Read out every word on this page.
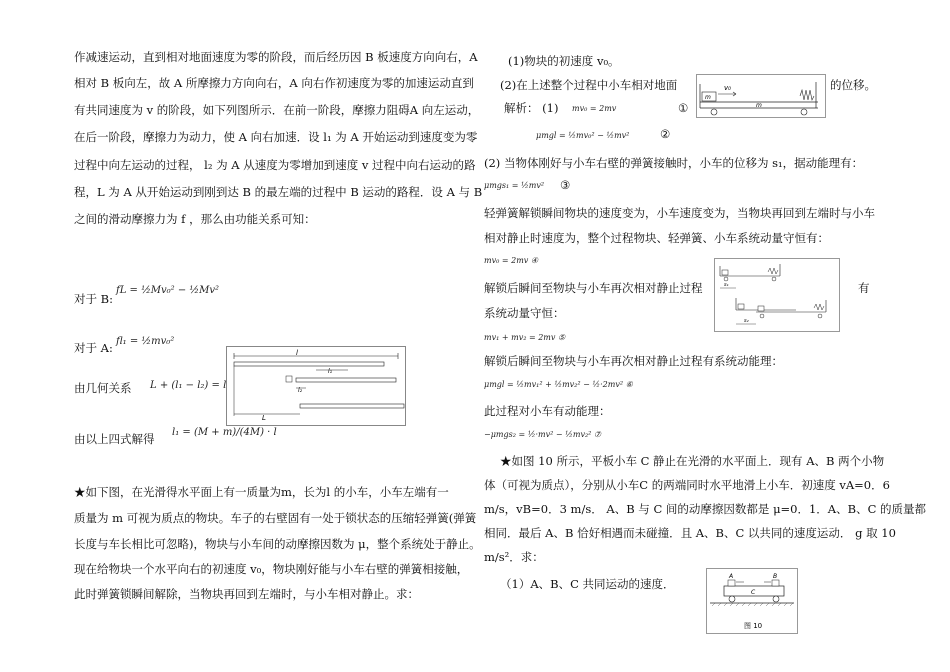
作减速运动，直到相对地面速度为零的阶段，而后经历因 B 板速度方向向右，A
相对 B 板向左，故 A 所摩擦力方向向右，A 向右作初速度为零的加速运动直到
有共同速度为 v 的阶段，如下列图所示．在前一阶段，摩擦力阻碍A 向左运动，
在后一阶段，摩擦力为动力，使 A 向右加速．设 l₁ 为 A 开始运动到速度变为零
过程中向左运动的过程， l₂ 为 A 从速度为零增加到速度 v 过程中向右运动的路
程，L 为 A 从开始运动到刚到达 B 的最左端的过程中 B 运动的路程．设 A 与 B
之间的滑动摩擦力为 f ，那么由功能关系可知：
对于 B:
fL = ½Mv₀² − ½Mv²
对于 A: fl₁ = ½mv₀²
由几何关系 L + (l₁ − l₂) = l
由以上四式解得 l₁ = (M + m)/(4M) · l
★如下图，在光滑得水平面上有一质量为m，长为l 的小车，小车左端有一
质量为 m 可视为质点的物块。车子的右壁固有一处于锁状态的压缩轻弹簧(弹簧
长度与车长相比可忽略)，物块与小车间的动摩擦因数为 μ，整个系统处于静止。
现在给物块一个水平向右的初速度 v₀，物块刚好能与小车右壁的弹簧相接触，
此时弹簧锁瞬间解除，当物块再回到左端时，与小车相对静止。求：
l
l₁
l₂
L
(1)物块的初速度 v₀。
(2)在上述整个过程中小车相对地面	的位移。
解析： (1) mv₀ = 2mv	①
μmgl = ½mv₀² − ½mv²	②
(2) 当物体刚好与小车右壁的弹簧接触时，小车的位移为 s₁，据动能理有：
μmgs₁ = ½mv² ③
轻弹簧解锁瞬间物块的速度变为，小车速度变为，当物块再回到左端时与小车
相对静止时速度为，整个过程物块、轻弹簧、小车系统动量守恒有：
mv₀ = 2mv ④
解锁后瞬间至物块与小车再次相对静止过程	有
系统动量守恒：
mv₁ + mv₂ = 2mv ⑤
解锁后瞬间至物块与小车再次相对静止过程有系统动能理：
μmgl = ½mv₁² + ½mv₂² − ½·2mv² ⑥
此过程对小车有动能理：
−μmgs₂ = ½·mv² − ½mv₂² ⑦
★如图 10 所示，平板小车 C 静止在光滑的水平面上．现有 A、B 两个小物
体（可视为质点），分别从小车C 的两端同时水平地滑上小车．初速度 vA=0．6
m/s，vB=0．3 m/s． A、B 与 C 间的动摩擦因数都是 μ=0．1．A、B、C 的质量都
相同．最后 A、B 恰好相遇而未碰撞．且 A、B、C 以共同的速度运动． g 取 10
m/s²．求：
（1）A、B、C 共同运动的速度．
m
v₀
m
s₁
s₂
A	B
C
图 10
